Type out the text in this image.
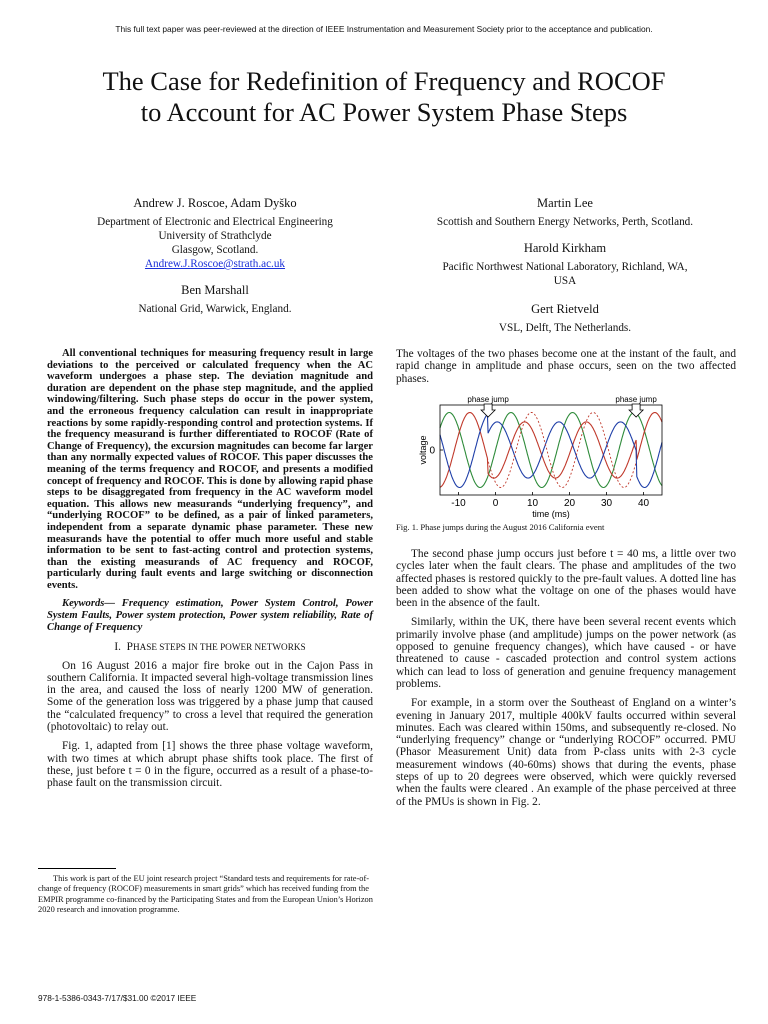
This full text paper was peer-reviewed at the direction of IEEE Instrumentation and Measurement Society prior to the acceptance and publication.
The Case for Redefinition of Frequency and ROCOF
to Account for AC Power System Phase Steps
Andrew J. Roscoe, Adam Dyško
Department of Electronic and Electrical Engineering
University of Strathclyde
Glasgow, Scotland.
Andrew.J.Roscoe@strath.ac.uk
Ben Marshall
National Grid, Warwick, England.
Martin Lee
Scottish and Southern Energy Networks, Perth, Scotland.
Harold Kirkham
Pacific Northwest National Laboratory, Richland, WA,
USA
Gert Rietveld
VSL, Delft, The Netherlands.

All conventional techniques for measuring frequency result in large deviations to the perceived or calculated frequency when the AC waveform undergoes a phase step. The deviation magnitude and duration are dependent on the phase step magnitude, and the applied windowing/filtering. Such phase steps do occur in the power system, and the erroneous frequency calculation can result in inappropriate reactions by some rapidly-responding control and protection systems. If the frequency measurand is further differentiated to ROCOF (Rate of Change of Frequency), the excursion magnitudes can become far larger than any normally expected values of ROCOF. This paper discusses the meaning of the terms frequency and ROCOF, and presents a modified concept of frequency and ROCOF. This is done by allowing rapid phase steps to be disaggregated from frequency in the AC waveform model equation. This allows new measurands “underlying frequency”, and “underlying ROCOF” to be defined, as a pair of linked parameters, independent from a separate dynamic phase parameter. These new measurands have the potential to offer much more useful and stable information to be sent to fast-acting control and protection systems, than the existing measurands of AC frequency and ROCOF, particularly during fault events and large switching or disconnection events.

Keywords— Frequency estimation, Power System Control, Power System Faults, Power system protection, Power system reliability, Rate of Change of Frequency

I. PHASE STEPS IN THE POWER NETWORKS

On 16 August 2016 a major fire broke out in the Cajon Pass in southern California. It impacted several high-voltage transmission lines in the area, and caused the loss of nearly 1200 MW of generation. Some of the generation loss was triggered by a phase jump that caused the “calculated frequency” to cross a level that required the generation (photovoltaic) to relay out.

Fig. 1, adapted from [1] shows the three phase voltage waveform, with two times at which abrupt phase shifts took place. The first of these, just before t = 0 in the figure, occurred as a result of a phase-to-phase fault on the transmission circuit.

This work is part of the EU joint research project “Standard tests and requirements for rate-of-change of frequency (ROCOF) measurements in smart grids” which has received funding from the EMPIR programme co-financed by the Participating States and from the European Union’s Horizon 2020 research and innovation programme.

The voltages of the two phases become one at the instant of the fault, and rapid change in amplitude and phase occurs, seen on the two affected phases.

-10	0	10	20	30	40
0
time (ms)
voltage
phase jump	phase jump
Fig. 1. Phase jumps during the August 2016 California event

The second phase jump occurs just before t = 40 ms, a little over two cycles later when the fault clears. The phase and amplitudes of the two affected phases is restored quickly to the pre-fault values. A dotted line has been added to show what the voltage on one of the phases would have been in the absence of the fault.

Similarly, within the UK, there have been several recent events which primarily involve phase (and amplitude) jumps on the power network (as opposed to genuine frequency changes), which have caused - or have threatened to cause - cascaded protection and control system actions which can lead to loss of generation and genuine frequency management problems.

For example, in a storm over the Southeast of England on a winter’s evening in January 2017, multiple 400kV faults occurred within several minutes. Each was cleared within 150ms, and subsequently re-closed. No “underlying frequency” change or “underlying ROCOF” occurred. PMU (Phasor Measurement Unit) data from P-class units with 2-3 cycle measurement windows (40-60ms) shows that during the events, phase steps of up to 20 degrees were observed, which were quickly reversed when the faults were cleared . An example of the phase perceived at three of the PMUs is shown in Fig. 2.

978-1-5386-0343-7/17/$31.00 ©2017 IEEE
